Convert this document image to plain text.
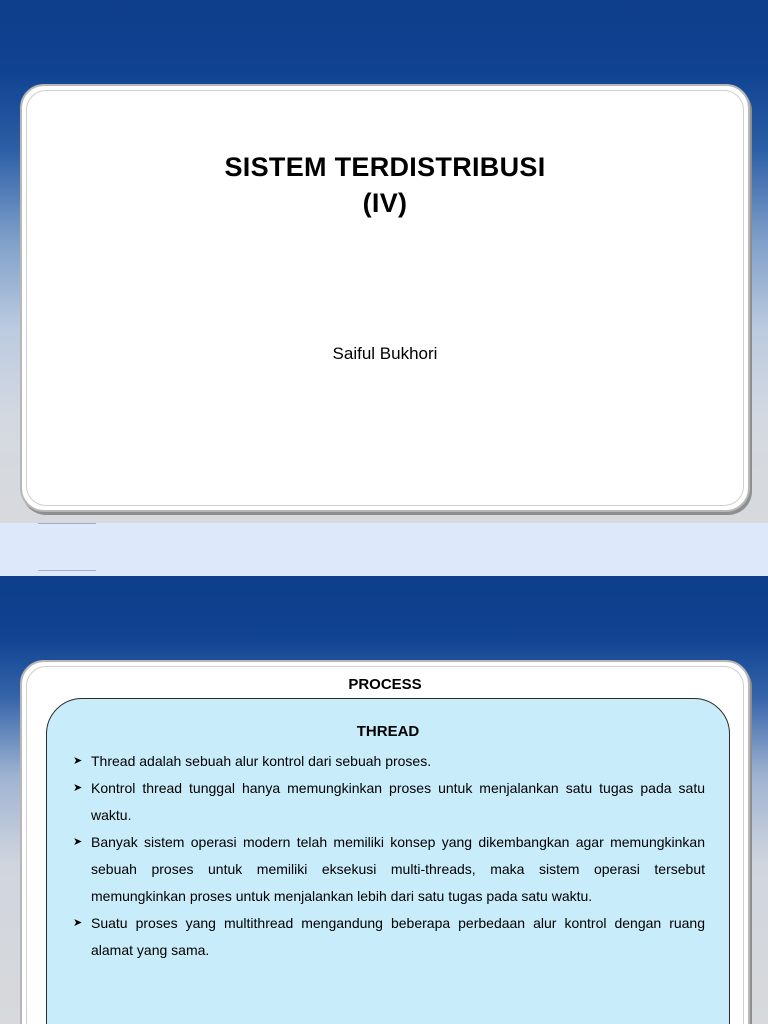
SISTEM TERDISTRIBUSI
(IV)
Saiful Bukhori
PROCESS
THREAD
➤ Thread adalah sebuah alur kontrol dari sebuah proses.
➤ Kontrol thread tunggal hanya memungkinkan proses untuk menjalankan satu tugas pada satu waktu.
➤ Banyak sistem operasi modern telah memiliki konsep yang dikembangkan agar memungkinkan sebuah proses untuk memiliki eksekusi multi-threads, maka sistem operasi tersebut memungkinkan proses untuk menjalankan lebih dari satu tugas pada satu waktu.
➤ Suatu proses yang multithread mengandung beberapa perbedaan alur kontrol dengan ruang alamat yang sama.
